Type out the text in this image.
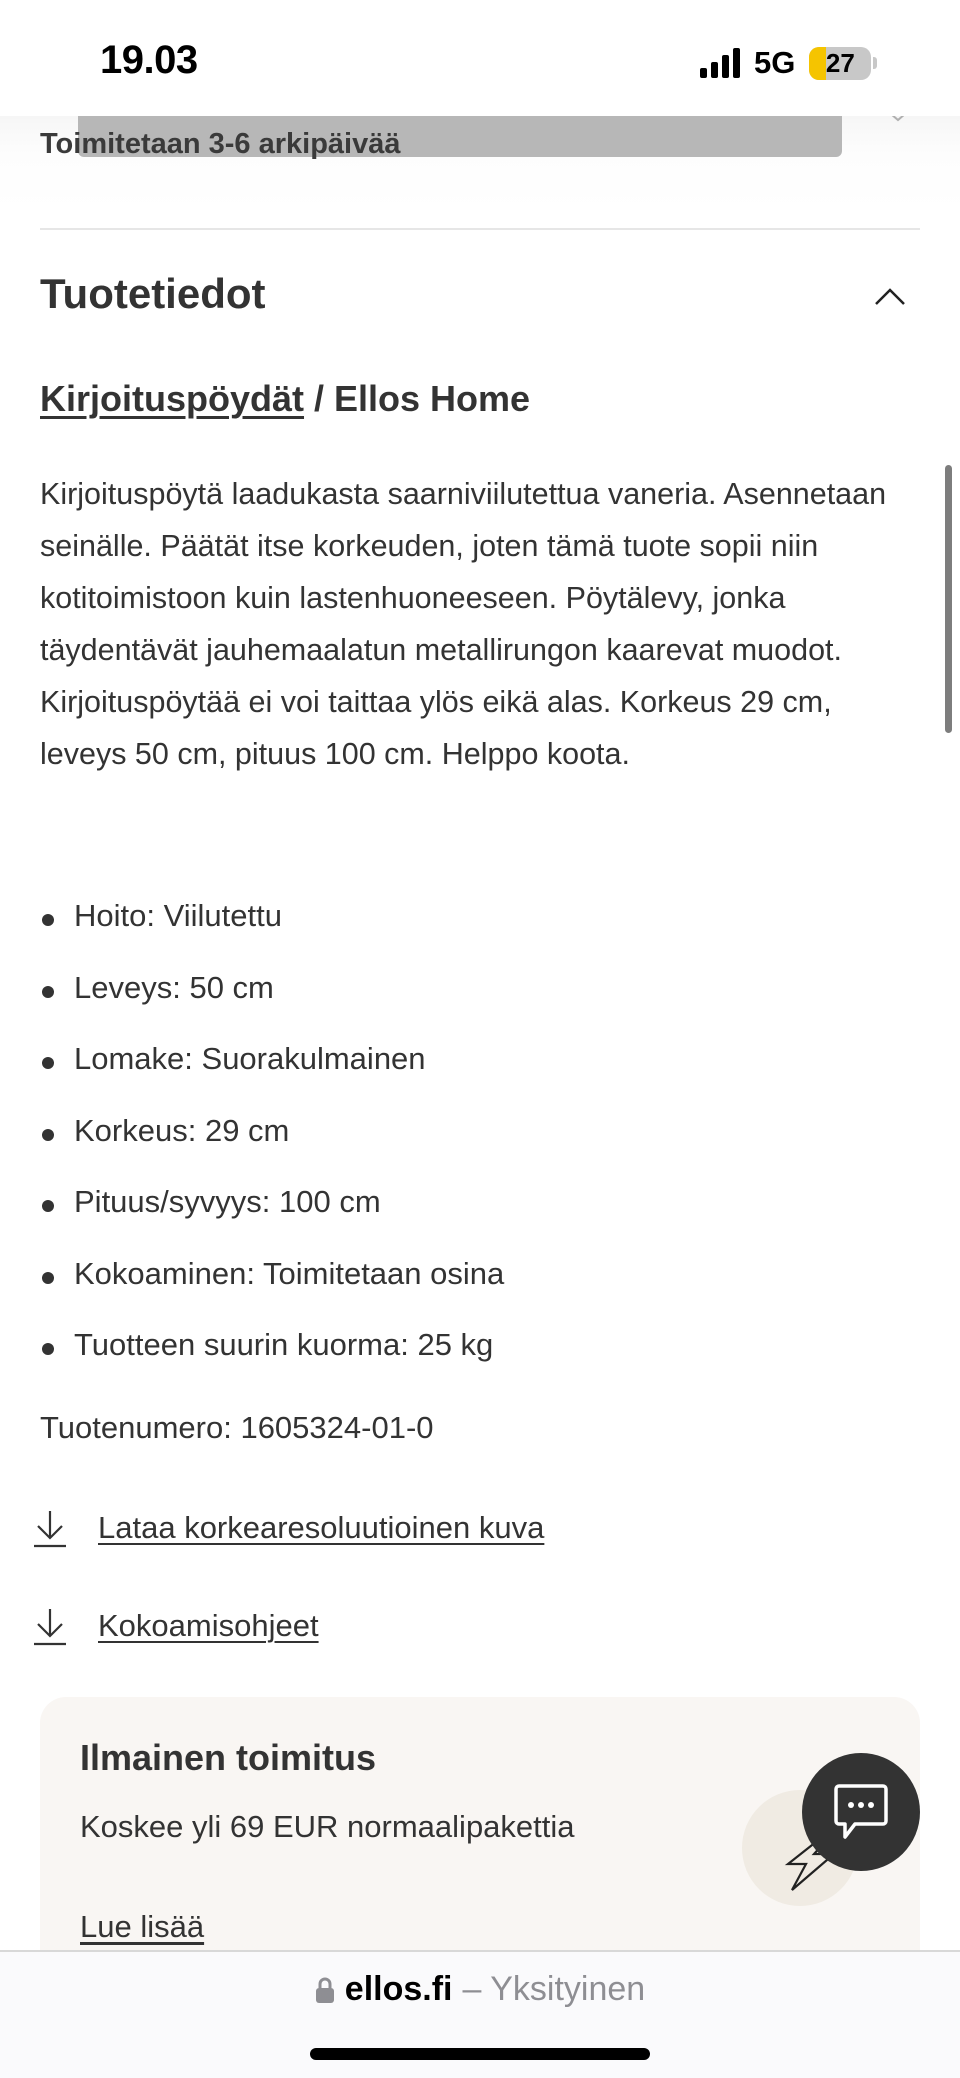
19.03	5G 27
Toimitetaan 3-6 arkipäivää
Tuotetiedot
Kirjoituspöydät / Ellos Home

Kirjoituspöytä laadukasta saarniviilutettua vaneria. Asennetaan seinälle. Päätät itse korkeuden, joten tämä tuote sopii niin kotitoimistoon kuin lastenhuoneeseen. Pöytälevy, jonka täydentävät jauhemaalatun metallirungon kaarevat muodot. Kirjoituspöytää ei voi taittaa ylös eikä alas. Korkeus 29 cm, leveys 50 cm, pituus 100 cm. Helppo koota.

Hoito: Viilutettu
Leveys: 50 cm
Lomake: Suorakulmainen
Korkeus: 29 cm
Pituus/syvyys: 100 cm
Kokoaminen: Toimitetaan osina
Tuotteen suurin kuorma: 25 kg
Tuotenumero: 1605324-01-0
Lataa korkearesoluutioinen kuva
Kokoamisohjeet
Ilmainen toimitus
Koskee yli 69 EUR normaalipakettia
Lue lisää
ellos.fi – Yksityinen
